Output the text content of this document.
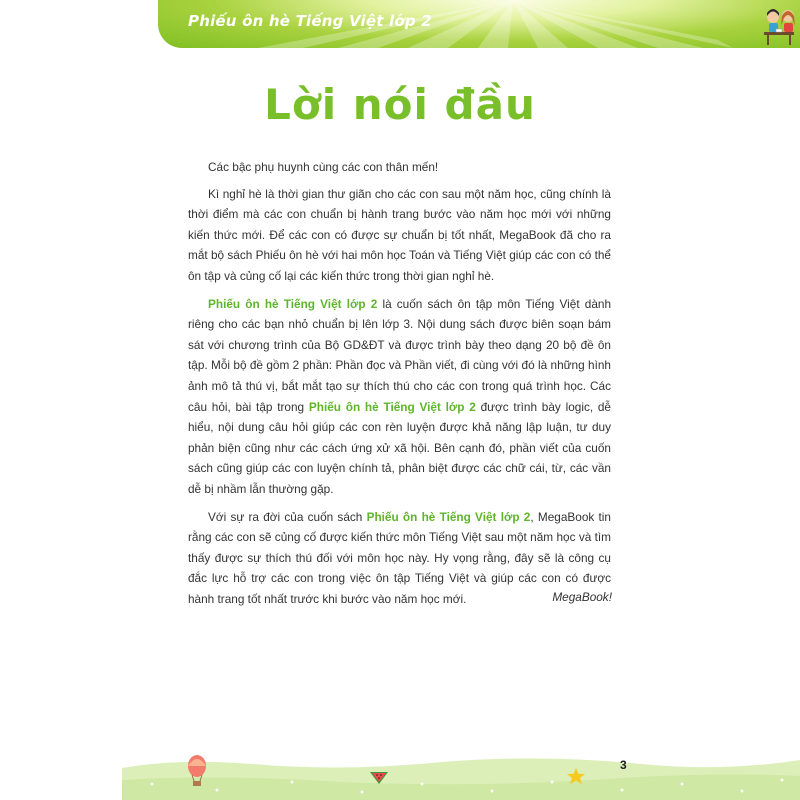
Phiếu ôn hè Tiếng Việt lớp 2
Lời nói đầu

Các bậc phụ huynh cùng các con thân mến!

Kì nghỉ hè là thời gian thư giãn cho các con sau một năm học, cũng chính là thời điểm mà các con chuẩn bị hành trang bước vào năm học mới với những kiến thức mới. Để các con có được sự chuẩn bị tốt nhất, MegaBook đã cho ra mắt bộ sách Phiếu ôn hè với hai môn học Toán và Tiếng Việt giúp các con có thể ôn tập và củng cố lại các kiến thức trong thời gian nghỉ hè.

Phiếu ôn hè Tiếng Việt lớp 2 là cuốn sách ôn tập môn Tiếng Việt dành riêng cho các bạn nhỏ chuẩn bị lên lớp 3. Nội dung sách được biên soạn bám sát với chương trình của Bộ GD&ĐT và được trình bày theo dạng 20 bộ đề ôn tập. Mỗi bộ đề gồm 2 phần: Phần đọc và Phần viết, đi cùng với đó là những hình ảnh mô tả thú vị, bắt mắt tạo sự thích thú cho các con trong quá trình học. Các câu hỏi, bài tập trong Phiếu ôn hè Tiếng Việt lớp 2 được trình bày logic, dễ hiểu, nội dung câu hỏi giúp các con rèn luyện được khả năng lập luận, tư duy phản biện cũng như các cách ứng xử xã hội. Bên cạnh đó, phần viết của cuốn sách cũng giúp các con luyện chính tả, phân biệt được các chữ cái, từ, các vần dễ bị nhầm lẫn thường gặp.

Với sự ra đời của cuốn sách Phiếu ôn hè Tiếng Việt lớp 2, MegaBook tin rằng các con sẽ củng cố được kiến thức môn Tiếng Việt sau một năm học và tìm thấy được sự thích thú đối với môn học này. Hy vọng rằng, đây sẽ là công cụ đắc lực hỗ trợ các con trong việc ôn tập Tiếng Việt và giúp các con có được hành trang tốt nhất trước khi bước vào năm học mới.	MegaBook!
3
